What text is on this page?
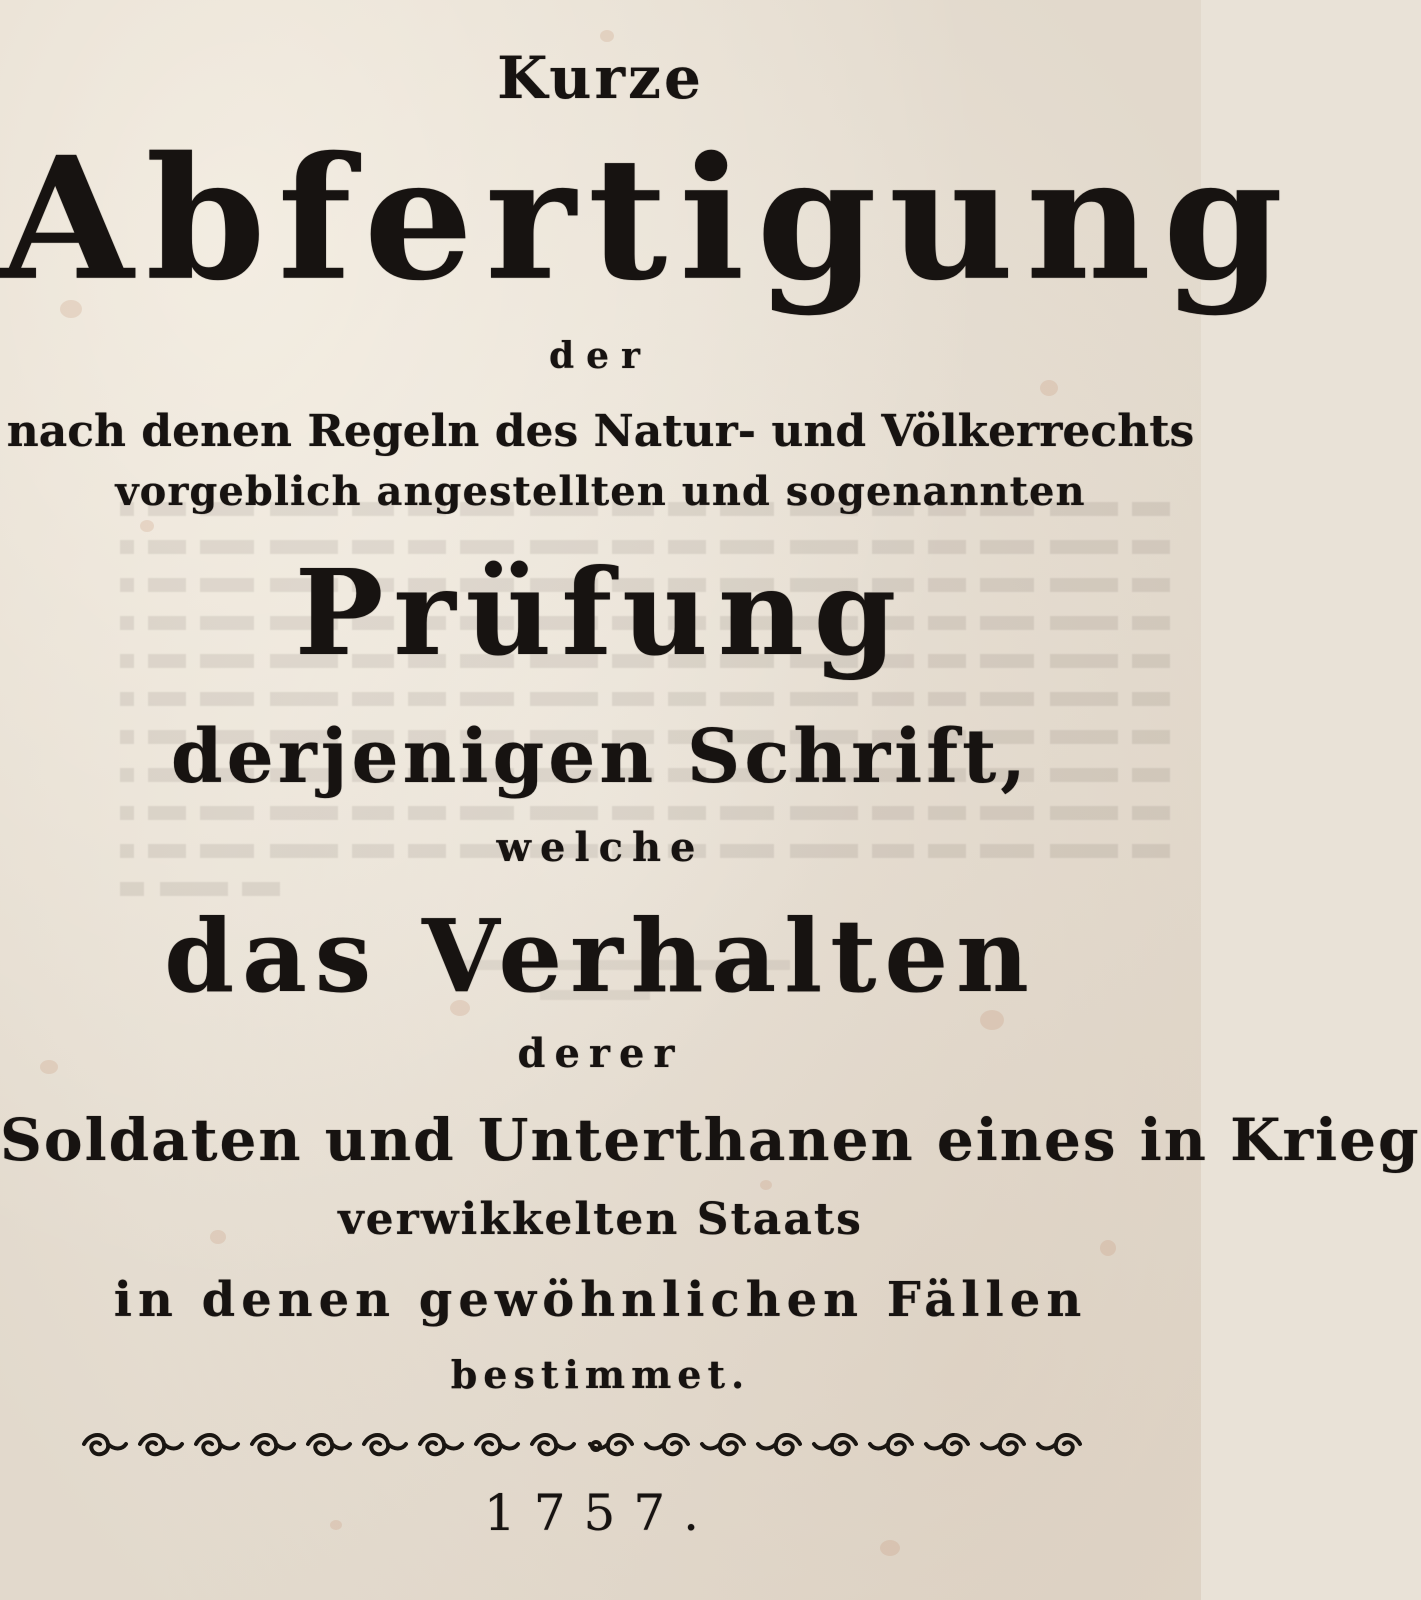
Kurze
Abfertigung
der
nach denen Regeln des Natur- und Völkerrechts
vorgeblich angestellten und sogenannten
Prüfung
derjenigen Schrift,
welche
das Verhalten
derer
Soldaten und Unterthanen eines in Krieg
verwikkelten Staats
in denen gewöhnlichen Fällen
bestimmet.
1757.
